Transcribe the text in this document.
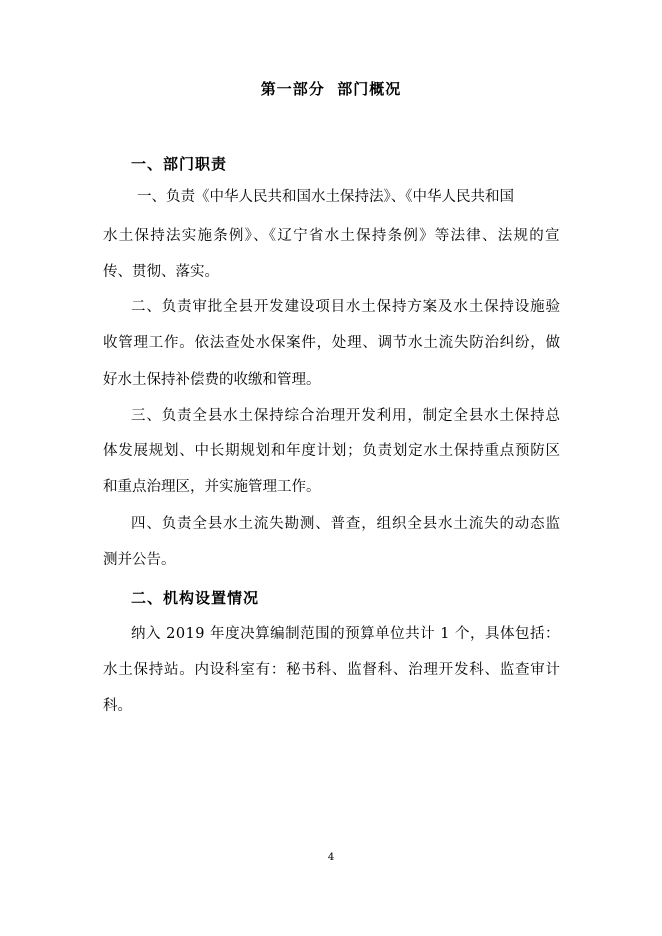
第一部分  部门概况
一、部门职责
一、负责《中华人民共和国水土保持法》、《中华人民共和国
水土保持法实施条例》、《辽宁省水土保持条例》等法律、法规的宣
传、贯彻、落实。
二、负责审批全县开发建设项目水土保持方案及水土保持设施验
收管理工作。依法查处水保案件，处理、调节水土流失防治纠纷，做
好水土保持补偿费的收缴和管理。
三、负责全县水土保持综合治理开发利用，制定全县水土保持总
体发展规划、中长期规划和年度计划；负责划定水土保持重点预防区
和重点治理区，并实施管理工作。
四、负责全县水土流失勘测、普查，组织全县水土流失的动态监
测并公告。
二、机构设置情况
纳入 2019 年度决算编制范围的预算单位共计 1 个，具体包括：
水土保持站。内设科室有：秘书科、监督科、治理开发科、监查审计
科。
4
